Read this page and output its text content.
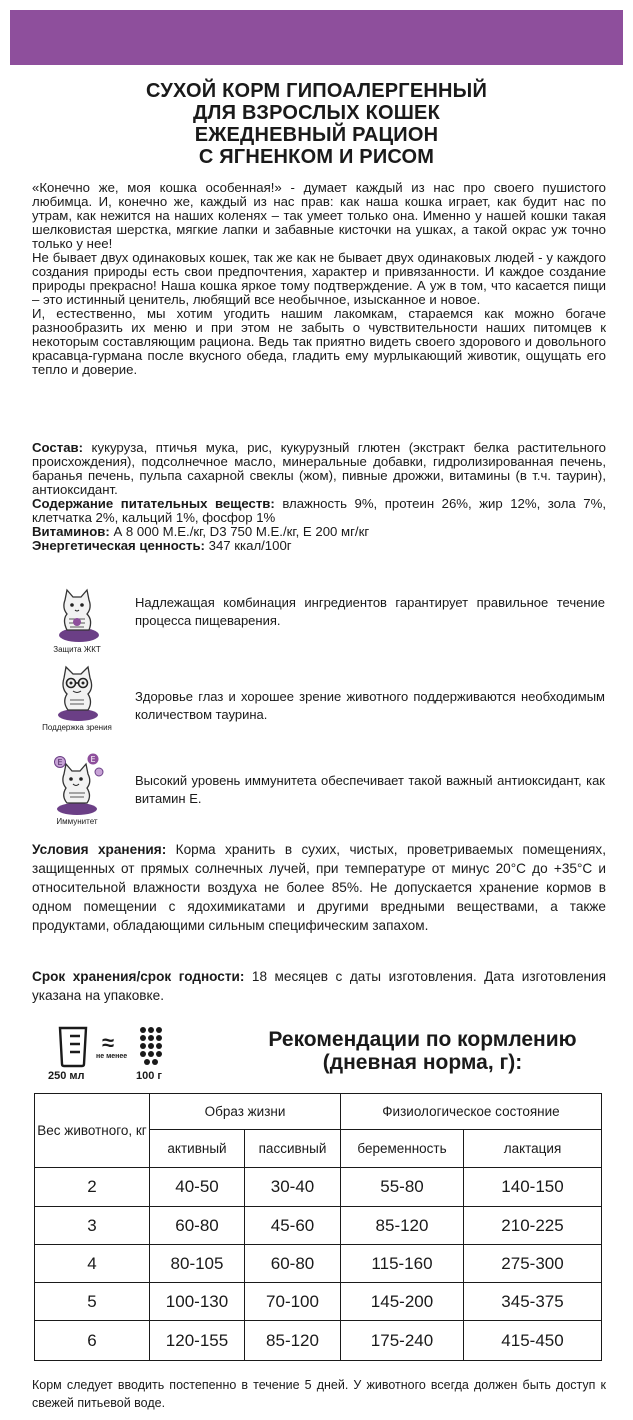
СУХОЙ КОРМ ГИПОАЛЕРГЕННЫЙ
ДЛЯ ВЗРОСЛЫХ КОШЕК
ЕЖЕДНЕВНЫЙ РАЦИОН
С ЯГНЕНКОМ И РИСОМ

«Конечно же, моя кошка особенная!» - думает каждый из нас про своего пушистого любимца. И, конечно же, каждый из нас прав: как наша кошка играет, как будит нас по утрам, как нежится на наших коленях – так умеет только она. Именно у нашей кошки такая шелковистая шерстка, мягкие лапки и забавные кисточки на ушках, а такой окрас уж точно только у нее!

Не бывает двух одинаковых кошек, так же как не бывает двух одинаковых людей - у каждого создания природы есть свои предпочтения, характер и привязанности. И каждое создание природы прекрасно! Наша кошка яркое тому подтверждение. А уж в том, что касается пищи – это истинный ценитель, любящий все необычное, изысканное и новое.

И, естественно, мы хотим угодить нашим лакомкам, стараемся как можно богаче разнообразить их меню и при этом не забыть о чувствительности наших питомцев к некоторым составляющим рациона. Ведь так приятно видеть своего здорового и довольного красавца-гурмана после вкусного обеда, гладить ему мурлыкающий животик, ощущать его тепло и доверие.

Состав: кукуруза, птичья мука, рис, кукурузный глютен (экстракт белка растительного происхождения), подсолнечное масло, минеральные добавки, гидролизированная печень, баранья печень, пульпа сахарной свеклы (жом), пивные дрожжи, витамины (в т.ч. таурин), антиоксидант.

Содержание питательных веществ: влажность 9%, протеин 26%, жир 12%, зола 7%, клетчатка 2%, кальций 1%, фосфор 1%

Витаминов: А 8 000 М.Е./кг, D3 750 М.Е./кг, Е 200 мг/кг

Энергетическая ценность: 347 ккал/100г

Защита ЖКТ
Надлежащая комбинация ингредиентов гарантирует правильное течение процесса пищеварения.
Поддержка зрения
Здоровье глаз и хорошее зрение животного поддерживаются необходимым количеством таурина.
E	E
Иммунитет
Высокий уровень иммунитета обеспечивает такой важный антиоксидант, как витамин Е.

Условия хранения: Корма хранить в сухих, чистых, проветриваемых помещениях, защищенных от прямых солнечных лучей, при температуре от минус 20°С до +35°С и относительной влажности воздуха не более 85%. Не допускается хранение кормов в одном помещении с ядохимикатами и другими вредными веществами, а также продуктами, обладающими сильным специфическим запахом.

Срок хранения/срок годности: 18 месяцев с даты изготовления. Дата изготовления указана на упаковке.

250 мл
≈
не менее
100 г
Рекомендации по кормлению
(дневная норма, г):
Вес животного, кг	Образ жизни		Физиологическое состояние	
	активный	пассивный	беременность	лактация
2	40-50	30-40	55-80	140-150
3	60-80	45-60	85-120	210-225
4	80-105	60-80	115-160	275-300
5	100-130	70-100	145-200	345-375
6	120-155	85-120	175-240	415-450
Корм следует вводить постепенно в течение 5 дней. У животного всегда должен быть доступ к свежей питьевой воде.
